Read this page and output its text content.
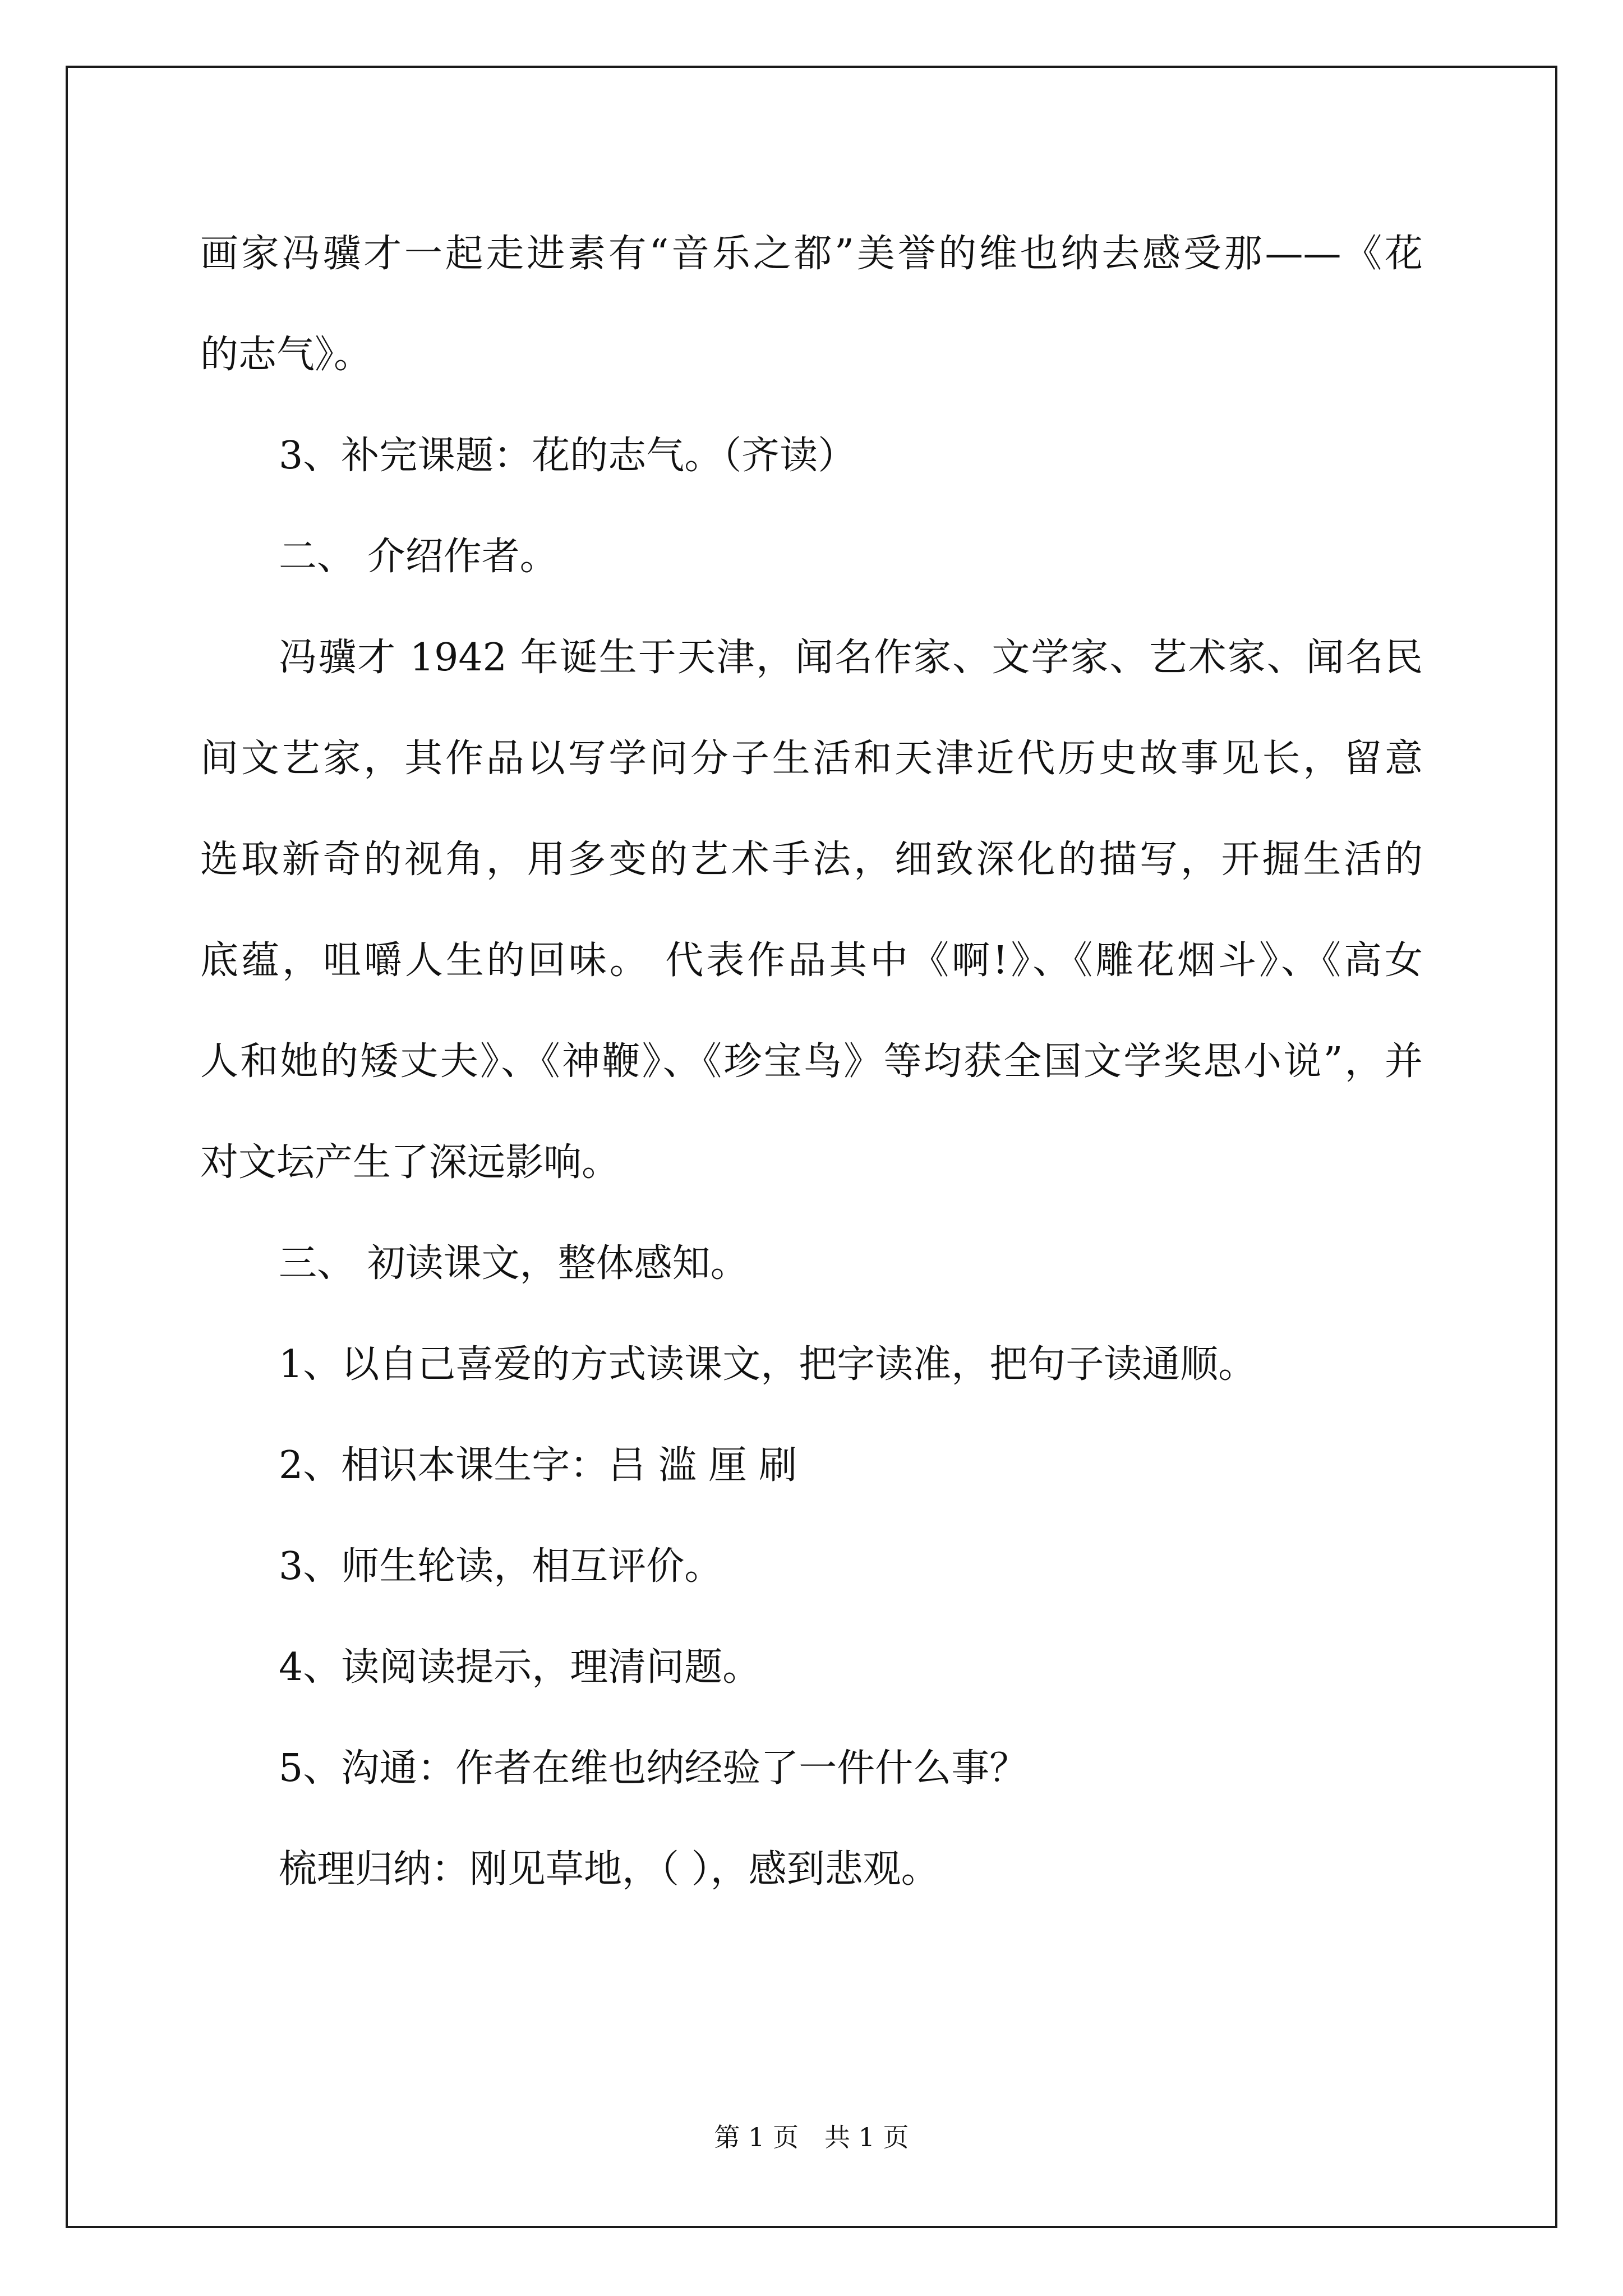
画家冯骥才一起走进素有“音乐之都”美誉的维也纳去感受那——《花
的志气》。
3、补完课题：花的志气。（齐读）
二、 介绍作者。
冯骥才 1942 年诞生于天津，闻名作家、文学家、艺术家、闻名民
间文艺家，其作品以写学问分子生活和天津近代历史故事见长，留意
选取新奇的视角，用多变的艺术手法，细致深化的描写，开掘生活的
底蕴，咀嚼人生的回味。 代表作品其中《啊!》、《雕花烟斗》、《高女
人和她的矮丈夫》、《神鞭》、《珍宝鸟》等均获全国文学奖思小说”，并
对文坛产生了深远影响。
三、 初读课文，整体感知。
1、以自己喜爱的方式读课文，把字读准，把句子读通顺。
2、相识本课生字：吕 滥 厘 刷
3、师生轮读，相互评价。
4、读阅读提示，理清问题。
5、沟通：作者在维也纳经验了一件什么事？
梳理归纳：刚见草地，（ ），感到悲观。
第 1 页　共 1 页
